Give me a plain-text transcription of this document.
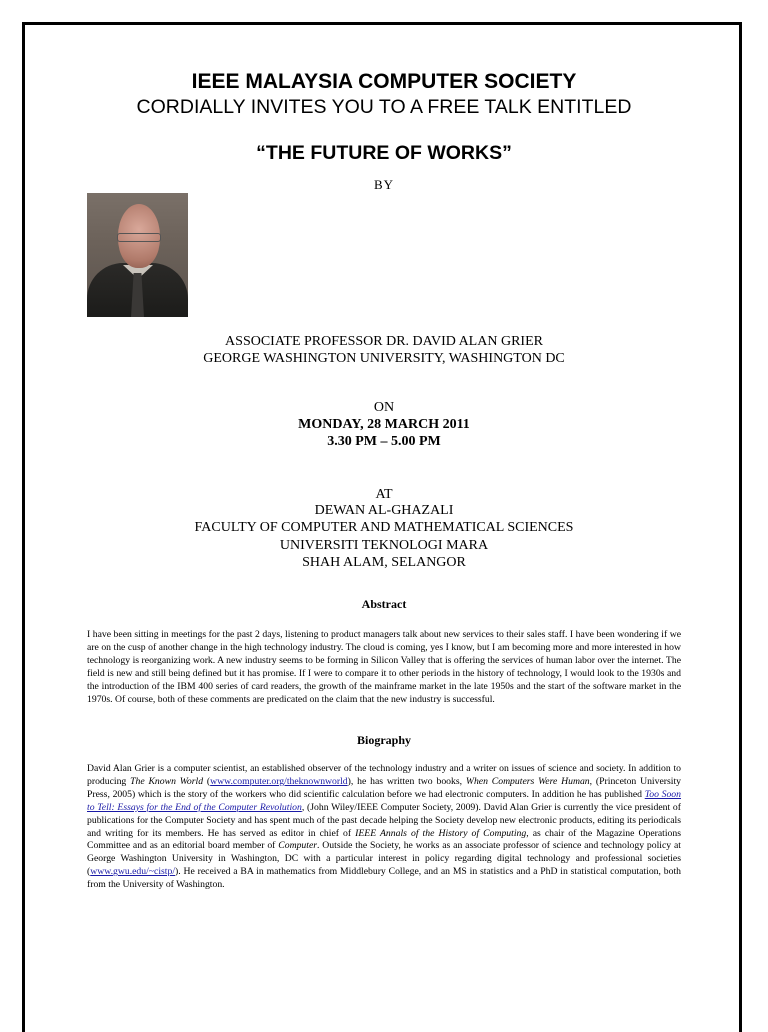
IEEE MALAYSIA COMPUTER SOCIETY
CORDIALLY INVITES YOU TO A FREE TALK ENTITLED
“THE FUTURE OF WORKS”
BY
ASSOCIATE PROFESSOR DR. DAVID ALAN GRIER
GEORGE WASHINGTON UNIVERSITY, WASHINGTON DC
ON
MONDAY, 28 MARCH 2011
3.30 PM – 5.00 PM
AT
DEWAN AL-GHAZALI
FACULTY OF COMPUTER AND MATHEMATICAL SCIENCES
UNIVERSITI TEKNOLOGI MARA
SHAH ALAM, SELANGOR
Abstract
I have been sitting in meetings for the past 2 days, listening to product managers talk about new services to their sales staff. I have been wondering if we are on the cusp of another change in the high technology industry. The cloud is coming, yes I know, but I am becoming more and more interested in how technology is reorganizing work. A new industry seems to be forming in Silicon Valley that is offering the services of human labor over the internet. The field is new and still being defined but it has promise. If I were to compare it to other periods in the history of technology, I would look to the 1930s and the introduction of the IBM 400 series of card readers, the growth of the mainframe market in the late 1950s and the start of the software market in the 1970s. Of course, both of these comments are predicated on the claim that the new industry is successful.
Biography
David Alan Grier is a computer scientist, an established observer of the technology industry and a writer on issues of science and society. In addition to producing The Known World (www.computer.org/theknownworld), he has written two books, When Computers Were Human, (Princeton University Press, 2005) which is the story of the workers who did scientific calculation before we had electronic computers. In addition he has published Too Soon to Tell: Essays for the End of the Computer Revolution, (John Wiley/IEEE Computer Society, 2009). David Alan Grier is currently the vice president of publications for the Computer Society and has spent much of the past decade helping the Society develop new electronic products, editing its periodicals and writing for its members. He has served as editor in chief of IEEE Annals of the History of Computing, as chair of the Magazine Operations Committee and as an editorial board member of Computer. Outside the Society, he works as an associate professor of science and technology policy at George Washington University in Washington, DC with a particular interest in policy regarding digital technology and professional societies (www.gwu.edu/~cistp/). He received a BA in mathematics from Middlebury College, and an MS in statistics and a PhD in statistical computation, both from the University of Washington.
